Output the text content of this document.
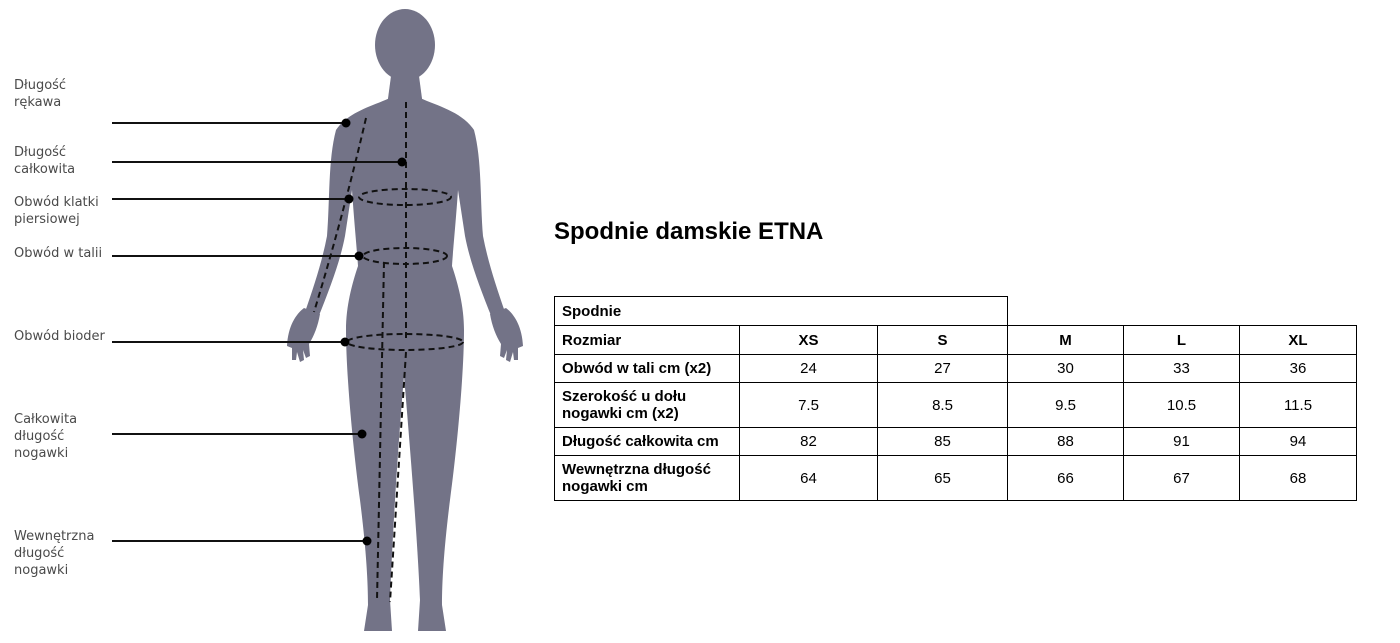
Długość
rękawa
Długość
całkowita
Obwód klatki
piersiowej
Obwód w talii
Obwód bioder
Całkowita
długość
nogawki
Wewnętrzna
długość
nogawki
Spodnie damskie ETNA
Spodnie					
Rozmiar	XS	S	M	L	XL

Obwód w tali cm (x2)	24	27	30	33	36

Szerokość u dołu
nogawki cm (x2)	7.5	8.5	9.5	10.5	11.5

Długość całkowita cm	82	85	88	91	94

Wewnętrzna długość
nogawki cm	64	65	66	67	68
